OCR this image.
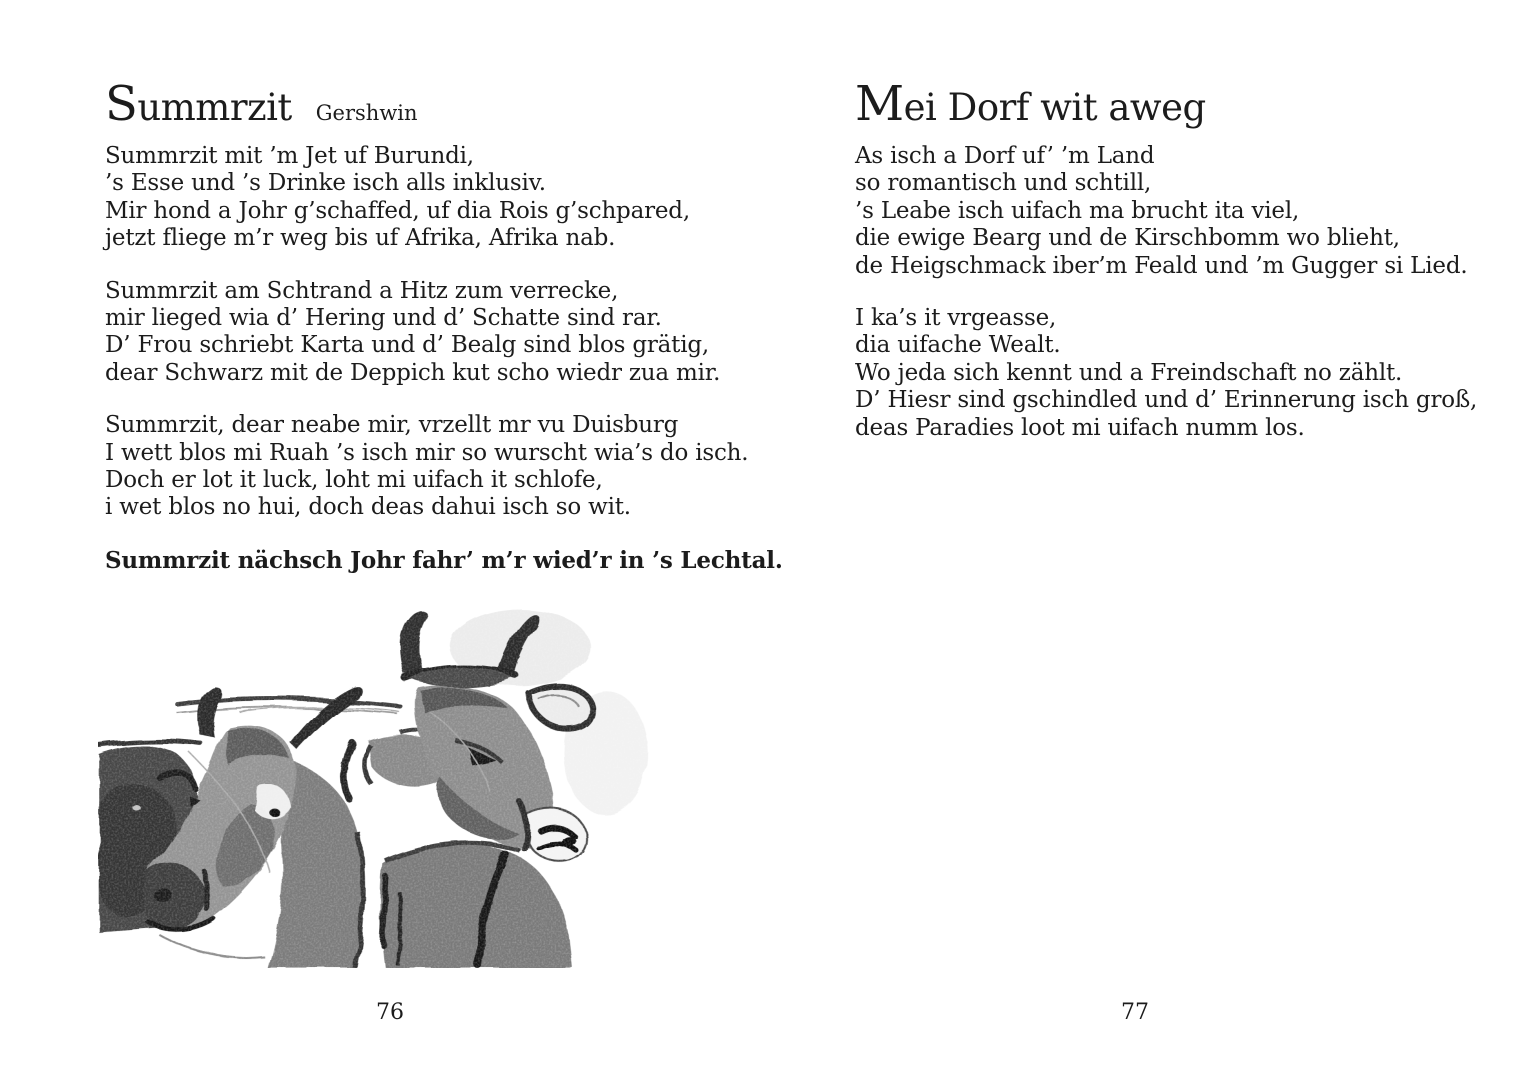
S ummrzit Gershwin

Summrzit mit ’m Jet uf Burundi,
’s Esse und ’s Drinke isch alls inklusiv.
Mir hond a Johr g’schaffed, uf dia Rois g’schpared,
jetzt fliege m’r weg bis uf Afrika, Afrika nab.

Summrzit am Schtrand a Hitz zum verrecke,
mir lieged wia d’ Hering und d’ Schatte sind rar.
D’ Frou schriebt Karta und d’ Bealg sind blos grätig,
dear Schwarz mit de Deppich kut scho wiedr zua mir.

Summrzit, dear neabe mir, vrzellt mr vu Duisburg
I wett blos mi Ruah ’s isch mir so wurscht wia’s do isch.
Doch er lot it luck, loht mi uifach it schlofe,
i wet blos no hui, doch deas dahui isch so wit.

Summrzit nächsch Johr fahr’ m’r wied’r in ’s Lechtal.

76
M ei Dorf wit aweg

As isch a Dorf uf’ ’m Land
so romantisch und schtill,
’s Leabe isch uifach ma brucht ita viel,
die ewige Bearg und de Kirschbomm wo blieht,
de Heigschmack iber’m Feald und ’m Gugger si Lied.

I ka’s it vrgeasse,
dia uifache Wealt.
Wo jeda sich kennt und a Freindschaft no zählt.
D’ Hiesr sind gschindled und d’ Erinnerung isch groß,
deas Paradies loot mi uifach numm los.

77
